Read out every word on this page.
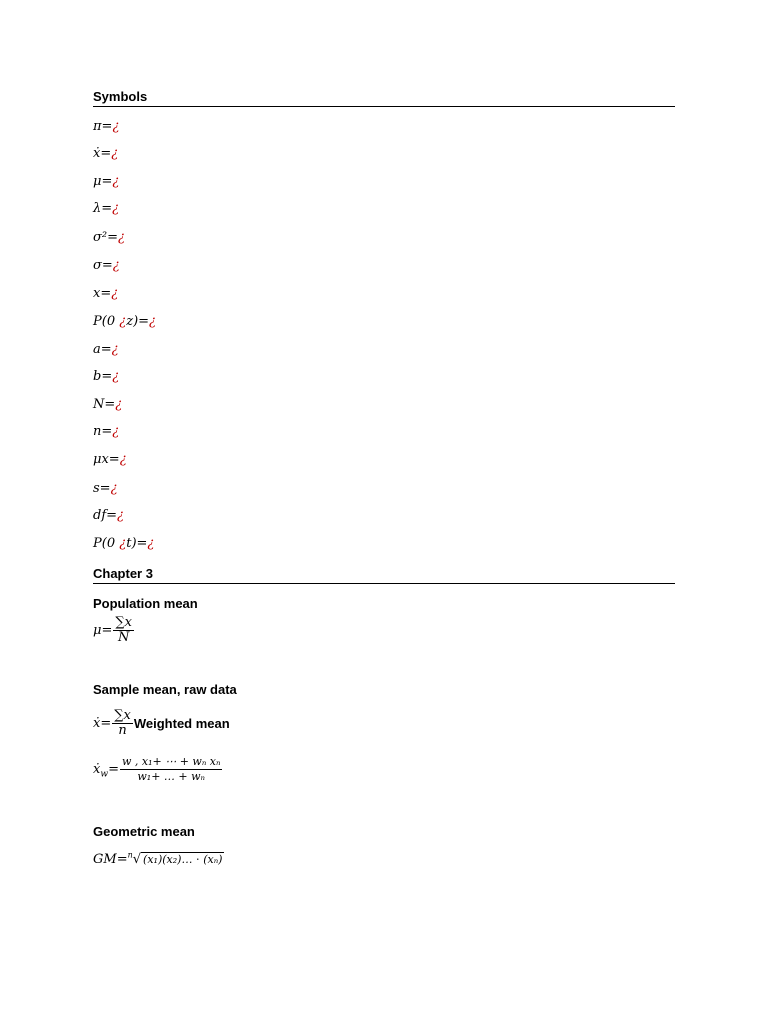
Symbols
π=¿
ẋ=¿
μ=¿
λ=¿
σ²=¿
σ=¿
x=¿
P(0 ¿z)=¿
a=¿
b=¿
N=¿
n=¿
μx=¿
s=¿
df=¿
P(0 ¿t)=¿
Chapter 3
Population mean
$\mu= \frac{\sum x}{N}$
Sample mean, raw data
ẋ= $\frac{\sum x}{n}$ Weighted mean
ẋ$_w$= $\frac{\text{w , x₁+ ⋯ + wₙ xₙ}}{\text{w₁+ … + wₙ}}$
Geometric mean
GM=$^n$√ (x₁)(x₂)… ⋅ (xₙ)
